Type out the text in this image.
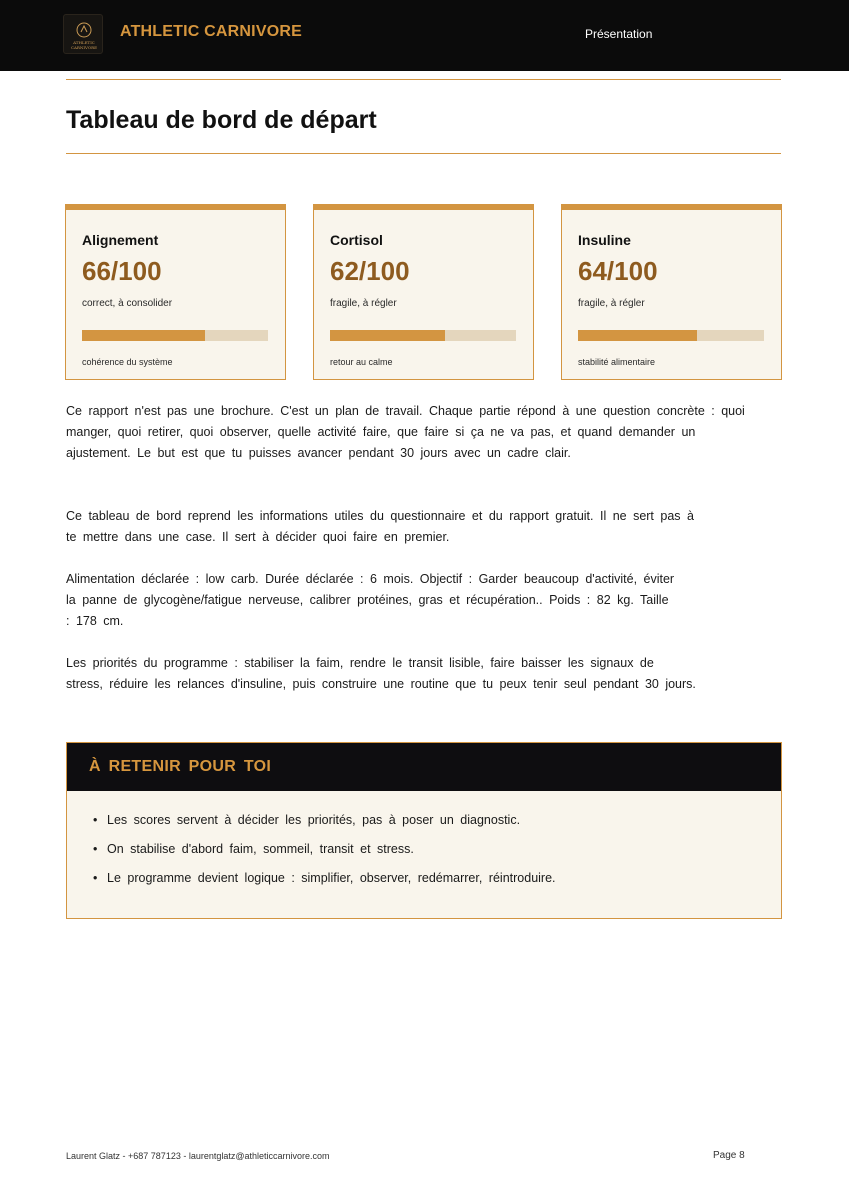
ATHLETIC
CARNIVORE
ATHLETIC CARNIVORE	Présentation
Tableau de bord de départ
Alignement
66/100
correct, à consolider
cohérence du système
Cortisol
62/100
fragile, à régler
retour au calme
Insuline
64/100
fragile, à régler
stabilité alimentaire

Ce rapport n'est pas une brochure. C'est un plan de travail. Chaque partie répond à une question concrète : quoi manger, quoi retirer, quoi observer, quelle activité faire, que faire si ça ne va pas, et quand demander un ajustement. Le but est que tu puisses avancer pendant 30 jours avec un cadre clair.

Ce tableau de bord reprend les informations utiles du questionnaire et du rapport gratuit. Il ne sert pas à te mettre dans une case. Il sert à décider quoi faire en premier.

Alimentation déclarée : low carb. Durée déclarée : 6 mois. Objectif : Garder beaucoup d'activité, éviter la panne de glycogène/fatigue nerveuse, calibrer protéines, gras et récupération.. Poids : 82 kg. Taille : 178 cm.

Les priorités du programme : stabiliser la faim, rendre le transit lisible, faire baisser les signaux de stress, réduire les relances d'insuline, puis construire une routine que tu peux tenir seul pendant 30 jours.

À RETENIR POUR TOI
• Les scores servent à décider les priorités, pas à poser un diagnostic.
• On stabilise d'abord faim, sommeil, transit et stress.
• Le programme devient logique : simplifier, observer, redémarrer, réintroduire.
Laurent Glatz - +687 787123 - laurentglatz@athleticcarnivore.com	Page 8
